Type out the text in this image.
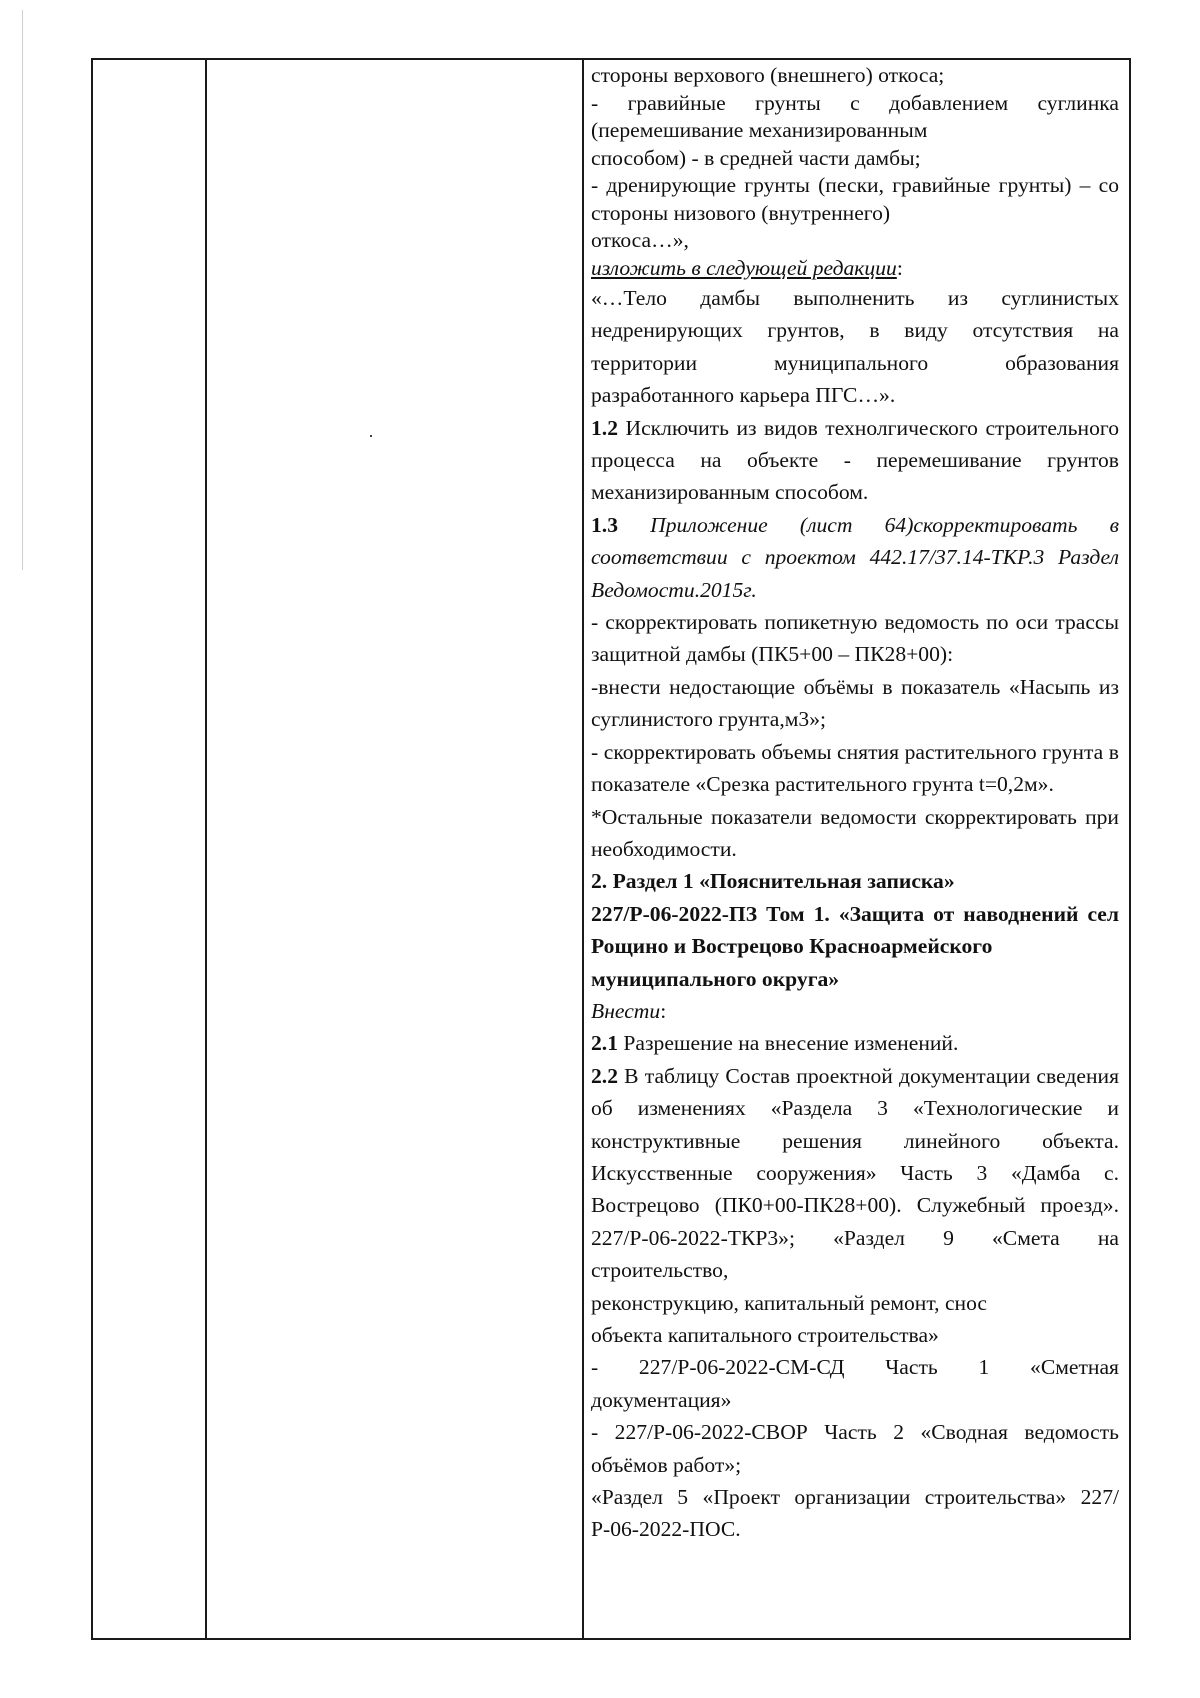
стороны верхового (внешнего) откоса;

- гравийные грунты с добавлением суглинка (перемешивание механизированным

способом) - в средней части дамбы;

- дренирующие грунты (пески, гравийные грунты) – со стороны низового (внутреннего)

откоса…»,

изложить в следующей редакции:

«…Тело дамбы выполненить из суглинистых недренирующих грунтов, в виду отсутствия на территории муниципального образования разработанного карьера ПГС…».

1.2 Исключить из видов технолгического строительного процесса на объекте - перемешивание грунтов механизированным способом.

1.3 Приложение (лист 64)скорректировать в соответствии с проектом 442.17/37.14-ТКР.3 Раздел Ведомости.2015г.

- скорректировать попикетную ведомость по оси трассы защитной дамбы (ПК5+00 – ПК28+00):

-внести недостающие объёмы в показатель «Насыпь из суглинистого грунта,м3»;

- скорректировать объемы снятия растительного грунта в показателе «Срезка растительного грунта t=0,2м».

*Остальные показатели ведомости скорректировать при необходимости.

2. Раздел 1 «Пояснительная записка»

227/Р-06-2022-ПЗ Том 1. «Защита от наводнений сел Рощино и Вострецово Красноармейского

муниципального округа»

Внести:

2.1 Разрешение на внесение изменений.

2.2 В таблицу Состав проектной документации сведения об изменениях «Раздела 3 «Технологические и конструктивные решения линейного объекта. Искусственные сооружения» Часть 3 «Дамба с. Вострецово (ПК0+00-ПК28+00). Служебный проезд». 227/Р-06-2022-ТКР3»; «Раздел 9 «Смета на строительство,

реконструкцию, капитальный ремонт, снос

объекта капитального строительства»

- 227/Р-06-2022-СМ-СД Часть 1 «Сметная документация»

- 227/Р-06-2022-СВОР Часть 2 «Сводная ведомость объёмов работ»;

«Раздел 5 «Проект организации строительства» 227/Р-06-2022-ПОС.
